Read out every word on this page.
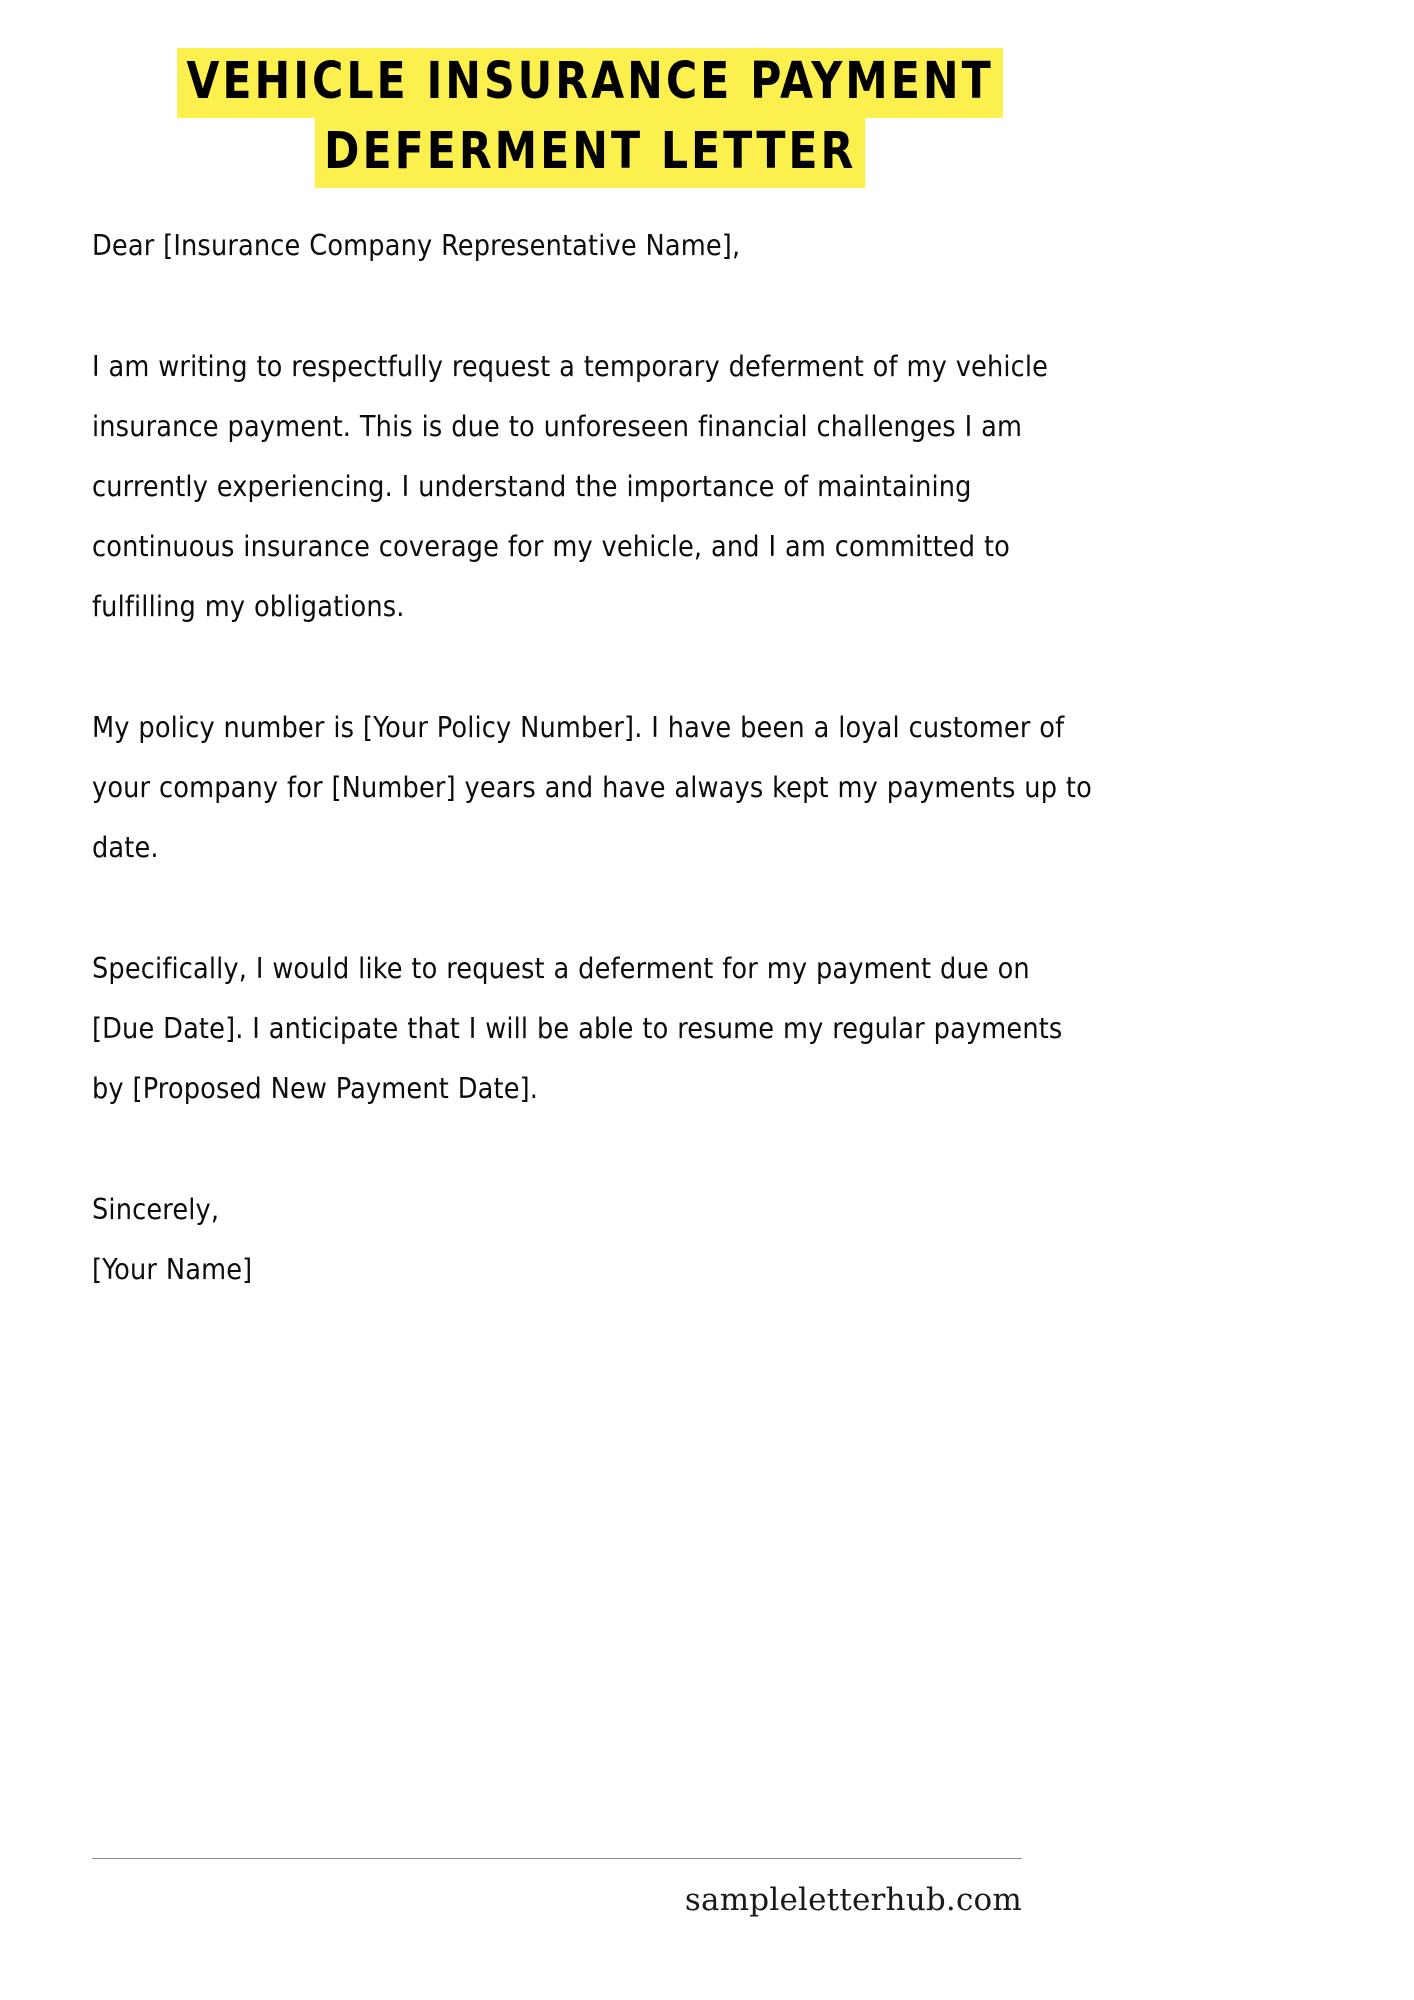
VEHICLE INSURANCE PAYMENT DEFERMENT LETTER
Dear [Insurance Company Representative Name],
I am writing to respectfully request a temporary deferment of my vehicle insurance payment. This is due to unforeseen financial challenges I am currently experiencing. I understand the importance of maintaining continuous insurance coverage for my vehicle, and I am committed to fulfilling my obligations.
My policy number is [Your Policy Number]. I have been a loyal customer of your company for [Number] years and have always kept my payments up to date.
Specifically, I would like to request a deferment for my payment due on [Due Date]. I anticipate that I will be able to resume my regular payments by [Proposed New Payment Date].
Sincerely,
[Your Name]
sampleletterhub.com
